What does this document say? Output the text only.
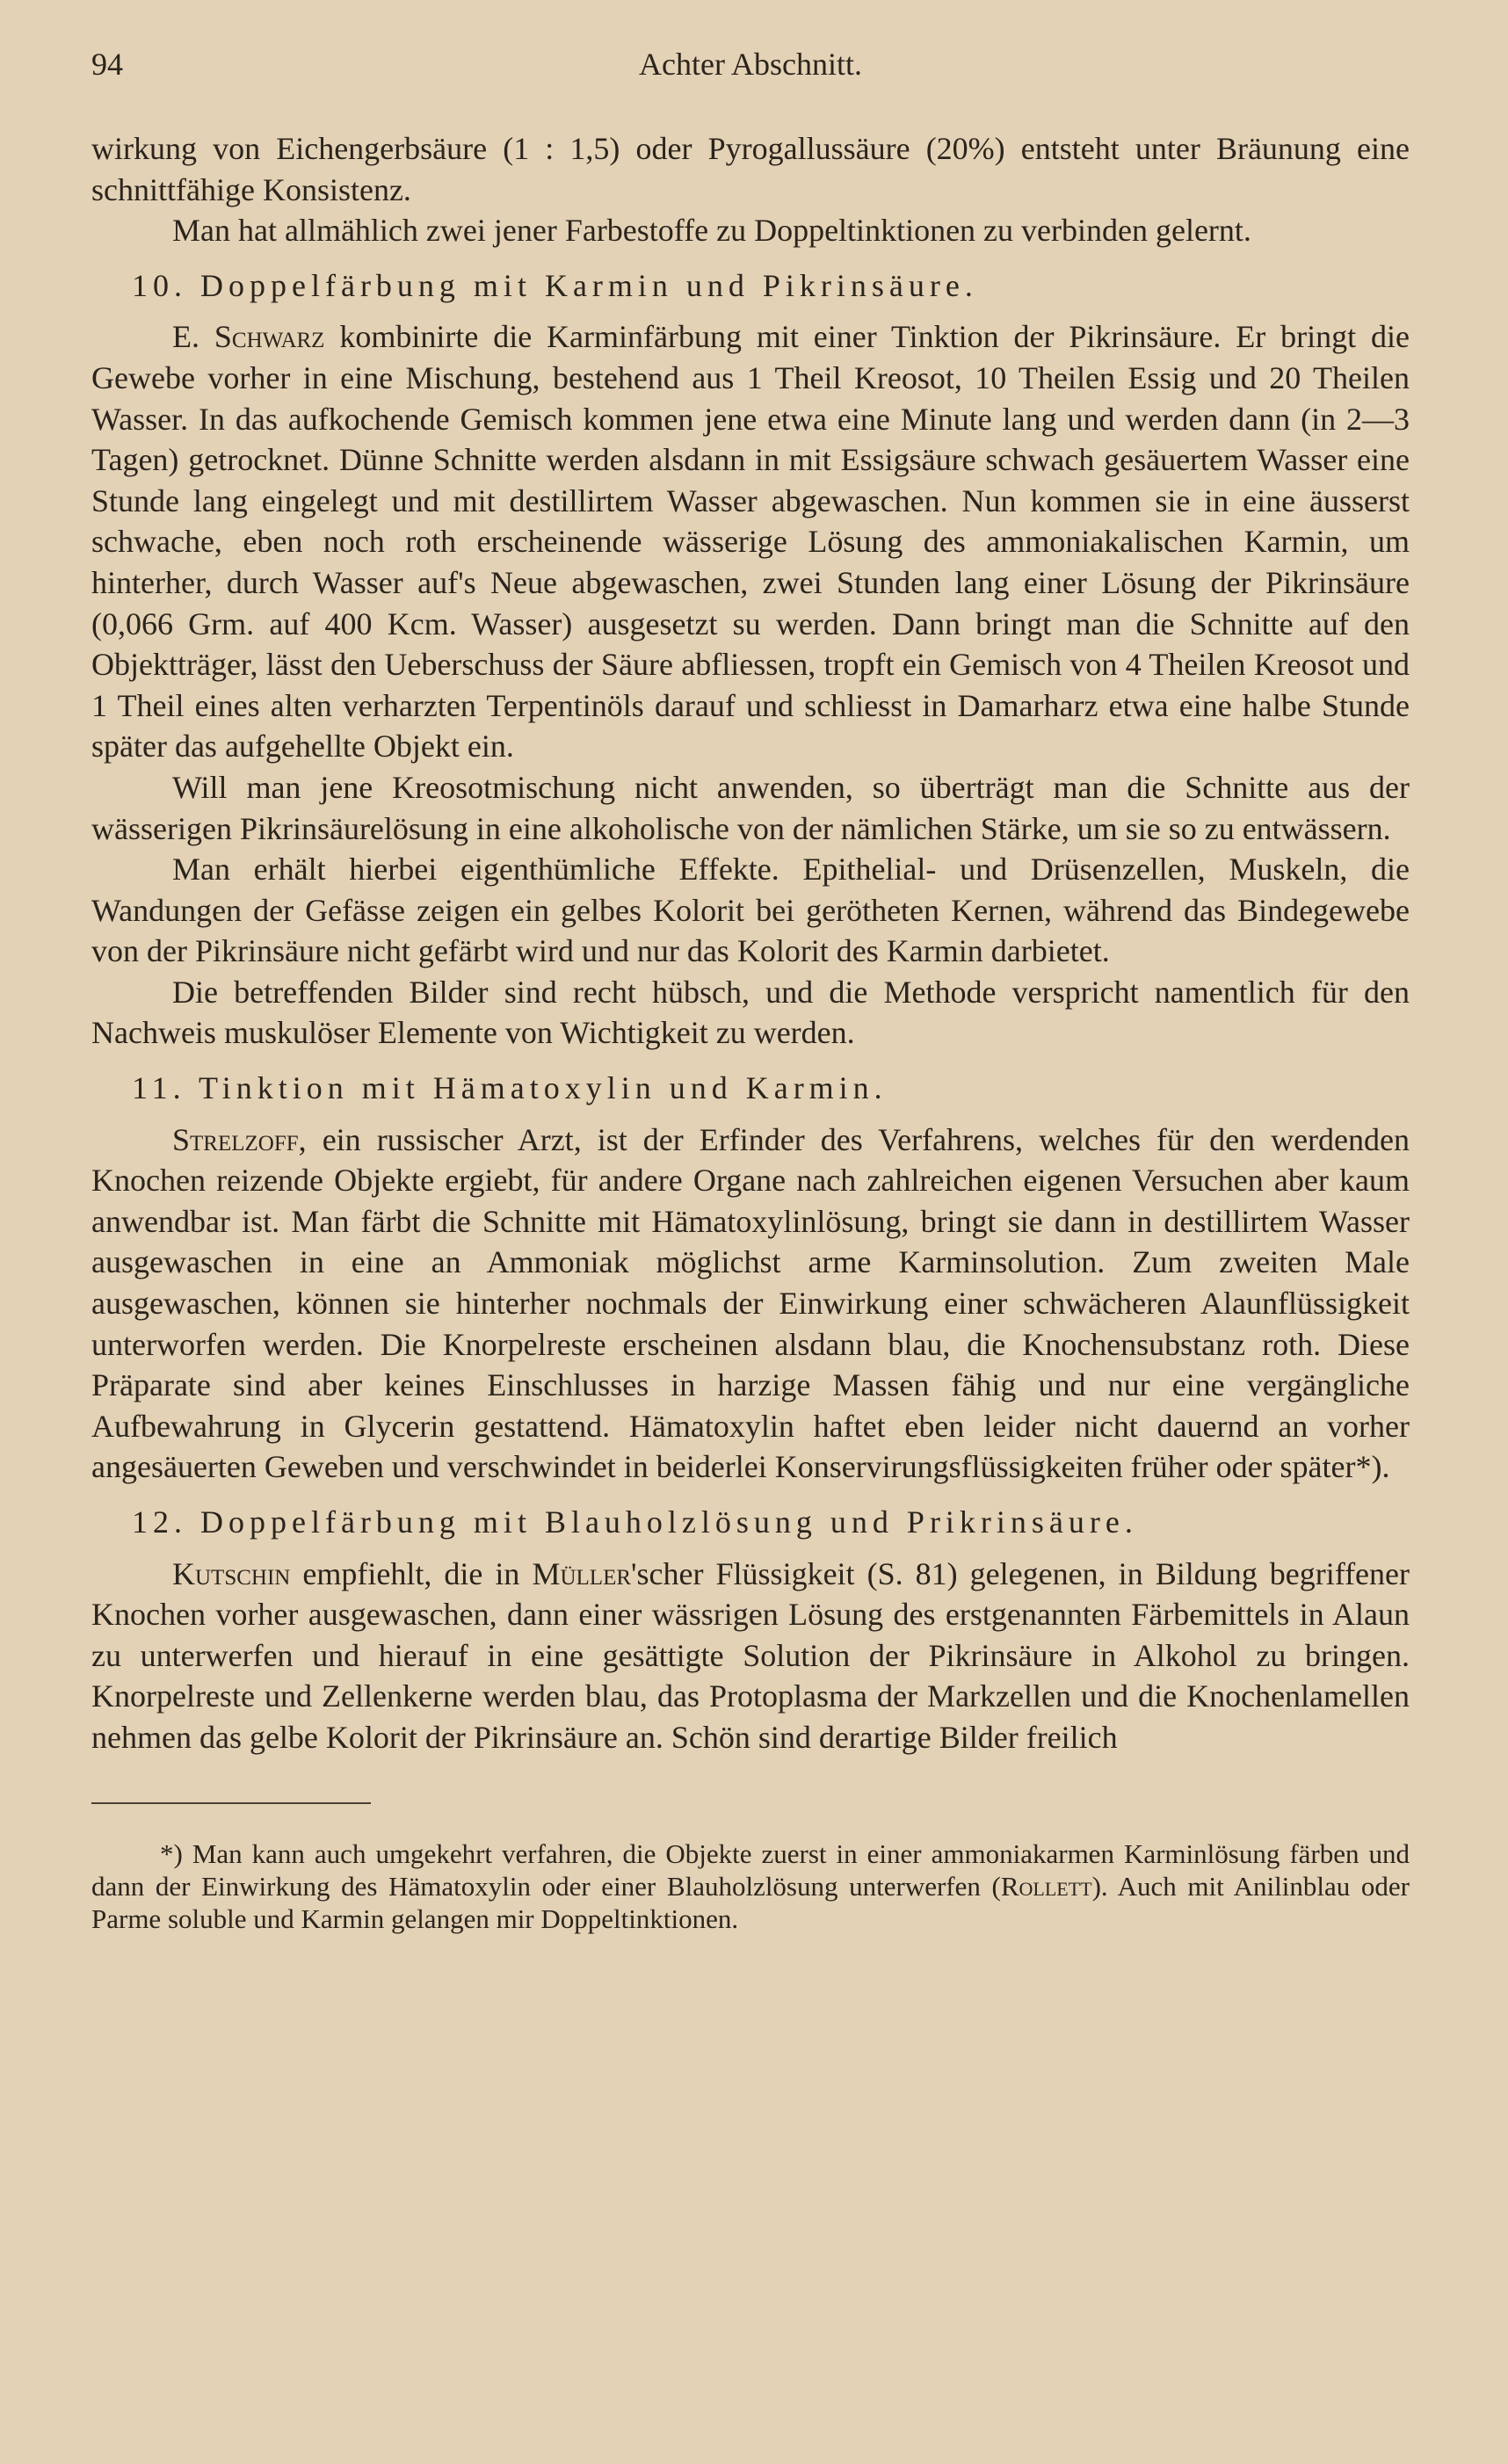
94	Achter Abschnitt.

wirkung von Eichengerbsäure (1 : 1,5) oder Pyrogallussäure (20%) entsteht unter Bräunung eine schnittfähige Konsistenz.

Man hat allmählich zwei jener Farbestoffe zu Doppeltinktionen zu verbinden gelernt.

10. Doppelfärbung mit Karmin und Pikrinsäure.

E. Schwarz kombinirte die Karminfärbung mit einer Tinktion der Pikrinsäure. Er bringt die Gewebe vorher in eine Mischung, bestehend aus 1 Theil Kreosot, 10 Theilen Essig und 20 Theilen Wasser. In das aufkochende Gemisch kommen jene etwa eine Minute lang und werden dann (in 2—3 Tagen) getrocknet. Dünne Schnitte werden alsdann in mit Essigsäure schwach gesäuertem Wasser eine Stunde lang eingelegt und mit destillirtem Wasser abgewaschen. Nun kommen sie in eine äusserst schwache, eben noch roth erscheinende wässerige Lösung des ammoniakalischen Karmin, um hinterher, durch Wasser auf's Neue abgewaschen, zwei Stunden lang einer Lösung der Pikrinsäure (0,066 Grm. auf 400 Kcm. Wasser) ausgesetzt su werden. Dann bringt man die Schnitte auf den Objektträger, lässt den Ueberschuss der Säure abfliessen, tropft ein Gemisch von 4 Theilen Kreosot und 1 Theil eines alten verharzten Terpentinöls darauf und schliesst in Damarharz etwa eine halbe Stunde später das aufgehellte Objekt ein.

Will man jene Kreosotmischung nicht anwenden, so überträgt man die Schnitte aus der wässerigen Pikrinsäurelösung in eine alkoholische von der nämlichen Stärke, um sie so zu entwässern.

Man erhält hierbei eigenthümliche Effekte. Epithelial- und Drüsenzellen, Muskeln, die Wandungen der Gefässe zeigen ein gelbes Kolorit bei gerötheten Kernen, während das Bindegewebe von der Pikrinsäure nicht gefärbt wird und nur das Kolorit des Karmin darbietet.

Die betreffenden Bilder sind recht hübsch, und die Methode verspricht namentlich für den Nachweis muskulöser Elemente von Wichtigkeit zu werden.

11. Tinktion mit Hämatoxylin und Karmin.

Strelzoff, ein russischer Arzt, ist der Erfinder des Verfahrens, welches für den werdenden Knochen reizende Objekte ergiebt, für andere Organe nach zahlreichen eigenen Versuchen aber kaum anwendbar ist. Man färbt die Schnitte mit Hämatoxylinlösung, bringt sie dann in destillirtem Wasser ausgewaschen in eine an Ammoniak möglichst arme Karminsolution. Zum zweiten Male ausgewaschen, können sie hinterher nochmals der Einwirkung einer schwächeren Alaunflüssigkeit unterworfen werden. Die Knorpelreste erscheinen alsdann blau, die Knochensubstanz roth. Diese Präparate sind aber keines Einschlusses in harzige Massen fähig und nur eine vergängliche Aufbewahrung in Glycerin gestattend. Hämatoxylin haftet eben leider nicht dauernd an vorher angesäuerten Geweben und verschwindet in beiderlei Konservirungsflüssigkeiten früher oder später*).

12. Doppelfärbung mit Blauholzlösung und Prikrinsäure.

Kutschin empfiehlt, die in Müller'scher Flüssigkeit (S. 81) gelegenen, in Bildung begriffener Knochen vorher ausgewaschen, dann einer wässrigen Lösung des erstgenannten Färbemittels in Alaun zu unterwerfen und hierauf in eine gesättigte Solution der Pikrinsäure in Alkohol zu bringen. Knorpelreste und Zellenkerne werden blau, das Protoplasma der Markzellen und die Knochenlamellen nehmen das gelbe Kolorit der Pikrinsäure an. Schön sind derartige Bilder freilich

*) Man kann auch umgekehrt verfahren, die Objekte zuerst in einer ammoniakarmen Karminlösung färben und dann der Einwirkung des Hämatoxylin oder einer Blauholzlösung unterwerfen (Rollett). Auch mit Anilinblau oder Parme soluble und Karmin gelangen mir Doppeltinktionen.
